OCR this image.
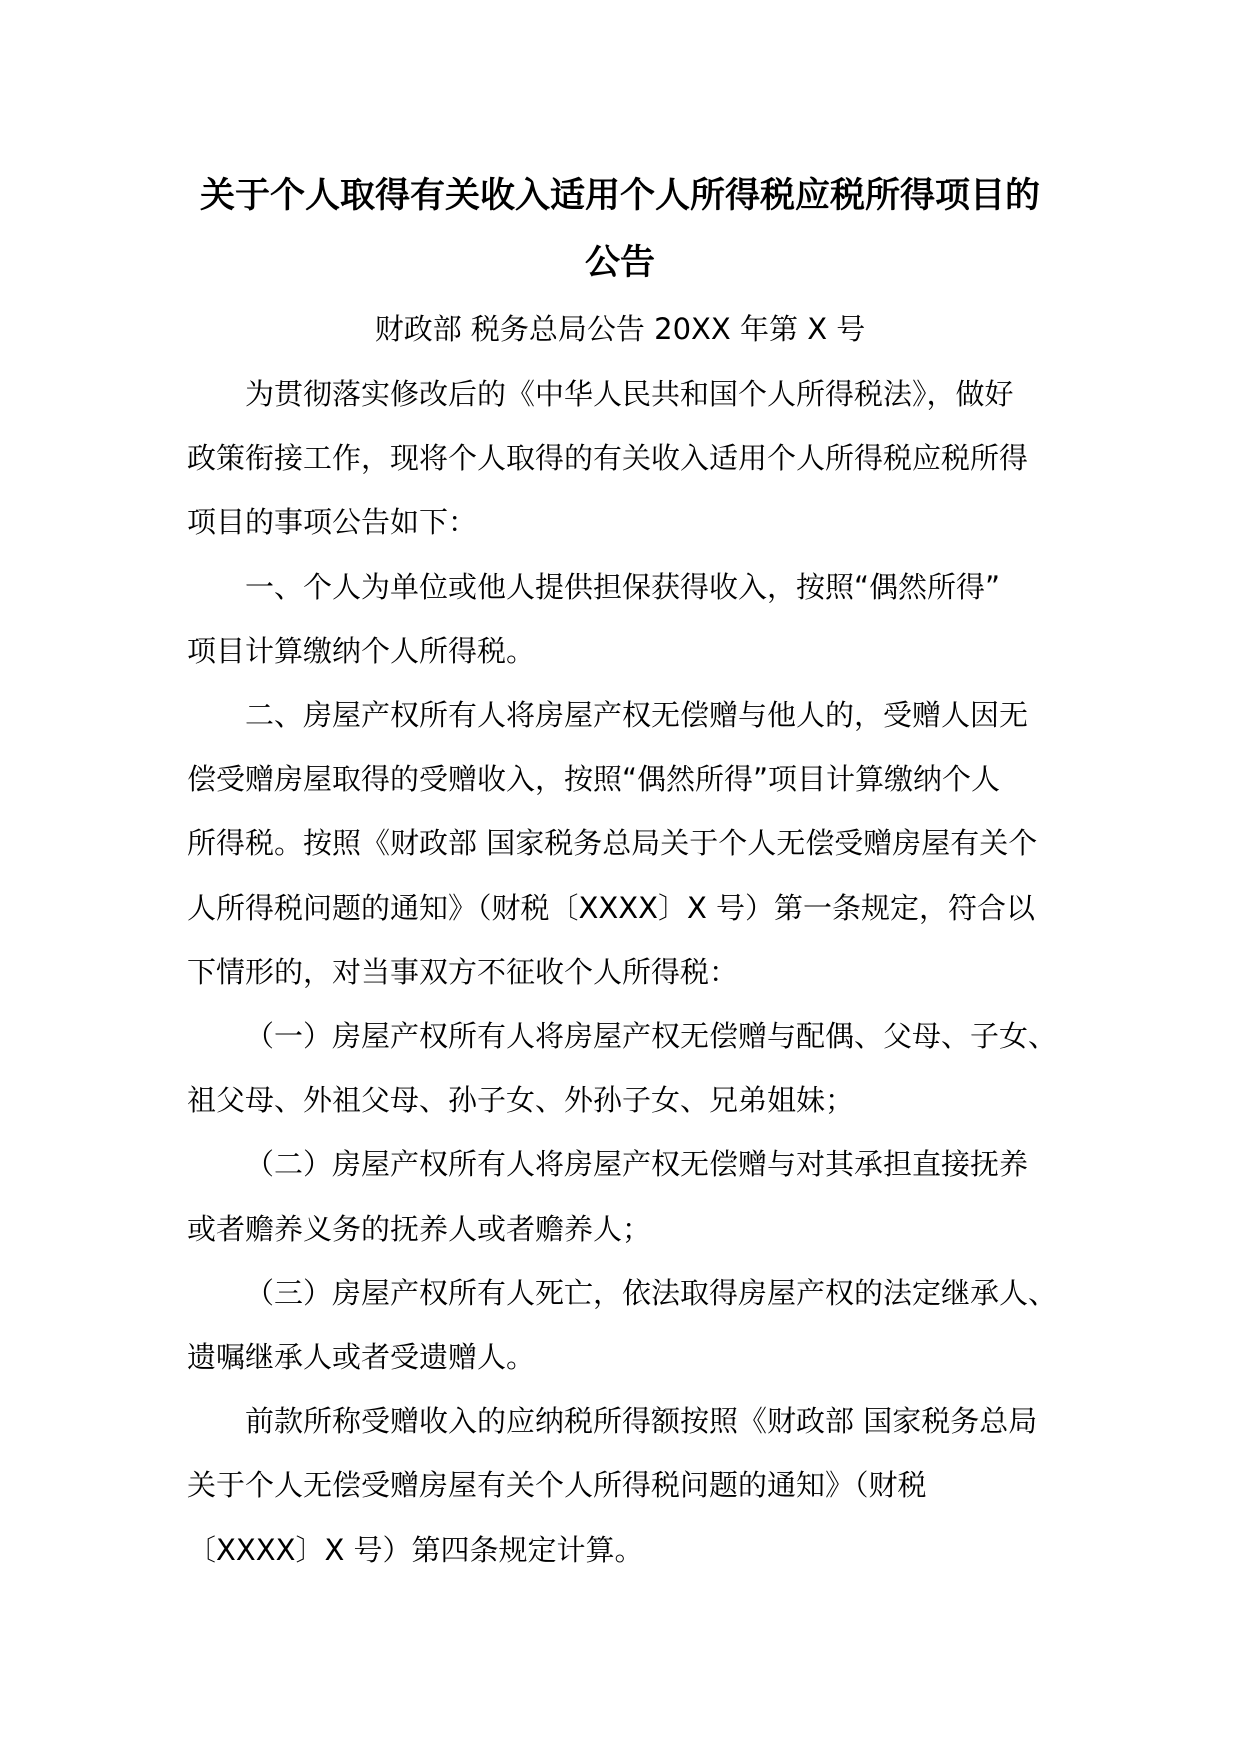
关于个人取得有关收入适用个人所得税应税所得项目的
公告

财政部 税务总局公告 20XX 年第 X 号

为贯彻落实修改后的《中华人民共和国个人所得税法》，做好
政策衔接工作，现将个人取得的有关收入适用个人所得税应税所得
项目的事项公告如下：

一、个人为单位或他人提供担保获得收入，按照“偶然所得”
项目计算缴纳个人所得税。

二、房屋产权所有人将房屋产权无偿赠与他人的，受赠人因无
偿受赠房屋取得的受赠收入，按照“偶然所得”项目计算缴纳个人
所得税。按照《财政部 国家税务总局关于个人无偿受赠房屋有关个
人所得税问题的通知》（财税〔XXXX〕X 号）第一条规定，符合以
下情形的，对当事双方不征收个人所得税：

（一）房屋产权所有人将房屋产权无偿赠与配偶、父母、子女、
祖父母、外祖父母、孙子女、外孙子女、兄弟姐妹；

（二）房屋产权所有人将房屋产权无偿赠与对其承担直接抚养
或者赡养义务的抚养人或者赡养人；

（三）房屋产权所有人死亡，依法取得房屋产权的法定继承人、
遗嘱继承人或者受遗赠人。

前款所称受赠收入的应纳税所得额按照《财政部 国家税务总局
关于个人无偿受赠房屋有关个人所得税问题的通知》（财税
〔XXXX〕X 号）第四条规定计算。
